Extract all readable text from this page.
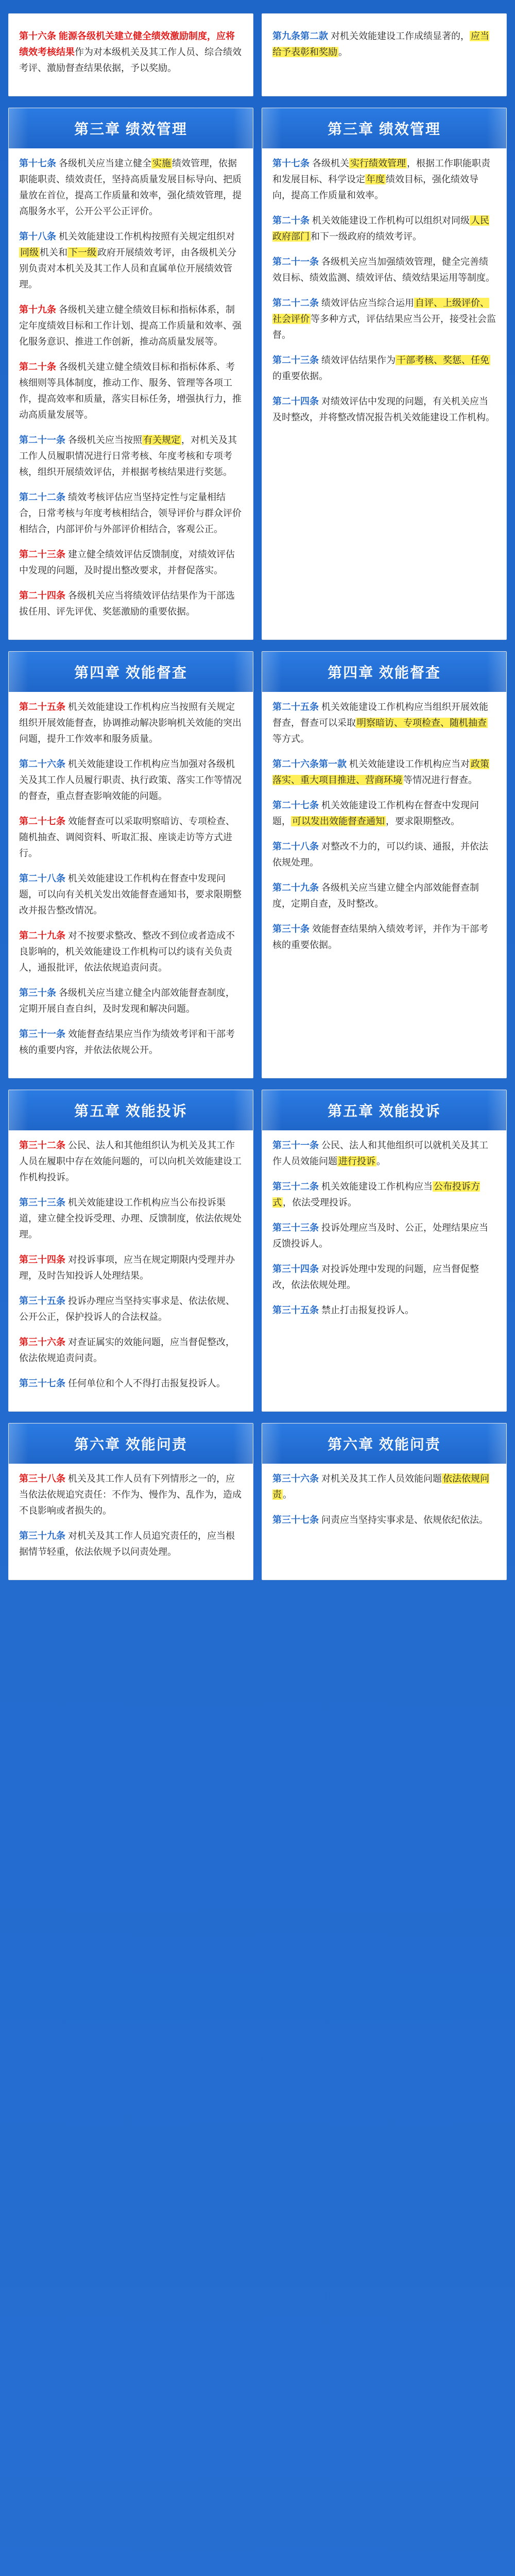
第十六条 能源各级机关建立健全绩效激励制度，应将绩效考核结果作为对本级机关及其工作人员、综合绩效考评、激励督查结果依据，予以奖励。
第九条第二款 对机关效能建设工作成绩显著的， 应当给予表彰和奖励 。
第三章 绩效管理
第十七条 各级机关应当建立健全 实施 绩效管理，依据职能职责、绩效责任，坚持高质量发展目标导向、把质量放在首位，提高工作质量和效率，强化绩效管理，提高服务水平，公开公平公正评价。
第十八条 机关效能建设工作机构按照有关规定组织对同级 机关和 下一级 政府开展绩效考评，由各级机关分别负责对本机关及其工作人员和直属单位开展绩效管理。
第十九条 各级机关建立健全绩效目标和指标体系，制定年度绩效目标和工作计划、提高工作质量和效率、强化服务意识、推进工作创新，推动高质量发展等。
第二十条 各级机关建立健全绩效目标和指标体系、考核细则等具体制度，推动工作、服务、管理等各项工作，提高效率和质量，落实目标任务，增强执行力，推动高质量发展等。
第二十一条 各级机关应当按照 有关规定 ，对机关及其工作人员履职情况进行日常考核、年度考核和专项考核，组织开展绩效评估，并根据考核结果进行奖惩。
第二十二条 绩效考核评估应当坚持定性与定量相结合，日常考核与年度考核相结合，领导评价与群众评价相结合，内部评价与外部评价相结合，客观公正。
第二十三条 建立健全绩效评估反馈制度，对绩效评估中发现的问题，及时提出整改要求，并督促落实。
第二十四条 各级机关应当将绩效评估结果作为干部选拔任用、评先评优、奖惩激励的重要依据。
第三章 绩效管理
第十七条 各级机关 实行绩效管理 ，根据工作职能职责和发展目标、科学设定 年度 绩效目标，强化绩效导向，提高工作质量和效率。
第二十条 机关效能建设工作机构可以组织对同级 人民政府部门 和下一级政府的绩效考评。
第二十一条 各级机关应当加强绩效管理，健全完善绩效目标、绩效监测、绩效评估、绩效结果运用等制度。
第二十二条 绩效评估应当综合运用 自评、上级评价、社会评价 等多种方式，评估结果应当公开，接受社会监督。
第二十三条 绩效评估结果作为 干部考核、奖惩、任免的重要依据。
第二十四条 对绩效评估中发现的问题，有关机关应当及时整改，并将整改情况报告机关效能建设工作机构。
第四章 效能督查
第二十五条 机关效能建设工作机构应当按照有关规定组织开展效能督查，协调推动解决影响机关效能的突出问题，提升工作效率和服务质量。
第二十六条 机关效能建设工作机构应当加强对各级机关及其工作人员履行职责、执行政策、落实工作等情况的督查，重点督查影响效能的问题。
第二十七条 效能督查可以采取明察暗访、专项检查、随机抽查、调阅资料、听取汇报、座谈走访等方式进行。
第二十八条 机关效能建设工作机构在督查中发现问题，可以向有关机关发出效能督查通知书，要求限期整改并报告整改情况。
第二十九条 对不按要求整改、整改不到位或者造成不良影响的，机关效能建设工作机构可以约谈有关负责人，通报批评，依法依规追责问责。
第三十条 各级机关应当建立健全内部效能督查制度，定期开展自查自纠，及时发现和解决问题。
第三十一条 效能督查结果应当作为绩效考评和干部考核的重要内容，并依法依规公开。
第四章 效能督查
第二十五条 机关效能建设工作机构应当组织开展效能督查，督查可以采取 明察暗访、专项检查、随机抽查等方式。
第二十六条第一款 机关效能建设工作机构应当对 政策落实、重大项目推进、营商环境 等情况进行督查。
第二十七条 机关效能建设工作机构在督查中发现问题， 可以发出效能督查通知 ，要求限期整改。
第二十八条 对整改不力的，可以约谈、通报，并依法依规处理。
第二十九条 各级机关应当建立健全内部效能督查制度，定期自查，及时整改。
第三十条 效能督查结果纳入绩效考评，并作为干部考核的重要依据。
第五章 效能投诉
第三十二条 公民、法人和其他组织认为机关及其工作人员在履职中存在效能问题的，可以向机关效能建设工作机构投诉。
第三十三条 机关效能建设工作机构应当公布投诉渠道，建立健全投诉受理、办理、反馈制度，依法依规处理。
第三十四条 对投诉事项，应当在规定期限内受理并办理，及时告知投诉人处理结果。
第三十五条 投诉办理应当坚持实事求是、依法依规、公开公正，保护投诉人的合法权益。
第三十六条 对查证属实的效能问题，应当督促整改，依法依规追责问责。
第三十七条 任何单位和个人不得打击报复投诉人。
第五章 效能投诉
第三十一条 公民、法人和其他组织可以就机关及其工作人员效能问题 进行投诉 。
第三十二条 机关效能建设工作机构应当 公布投诉方式 ，依法受理投诉。
第三十三条 投诉处理应当及时、公正，处理结果应当反馈投诉人。
第三十四条 对投诉处理中发现的问题，应当督促整改，依法依规处理。
第三十五条 禁止打击报复投诉人。
第六章 效能问责
第三十八条 机关及其工作人员有下列情形之一的，应当依法依规追究责任：不作为、慢作为、乱作为，造成不良影响或者损失的。
第三十九条 对机关及其工作人员追究责任的，应当根据情节轻重，依法依规予以问责处理。
第六章 效能问责
第三十六条 对机关及其工作人员效能问题 依法依规问责 。
第三十七条 问责应当坚持实事求是、依规依纪依法。
